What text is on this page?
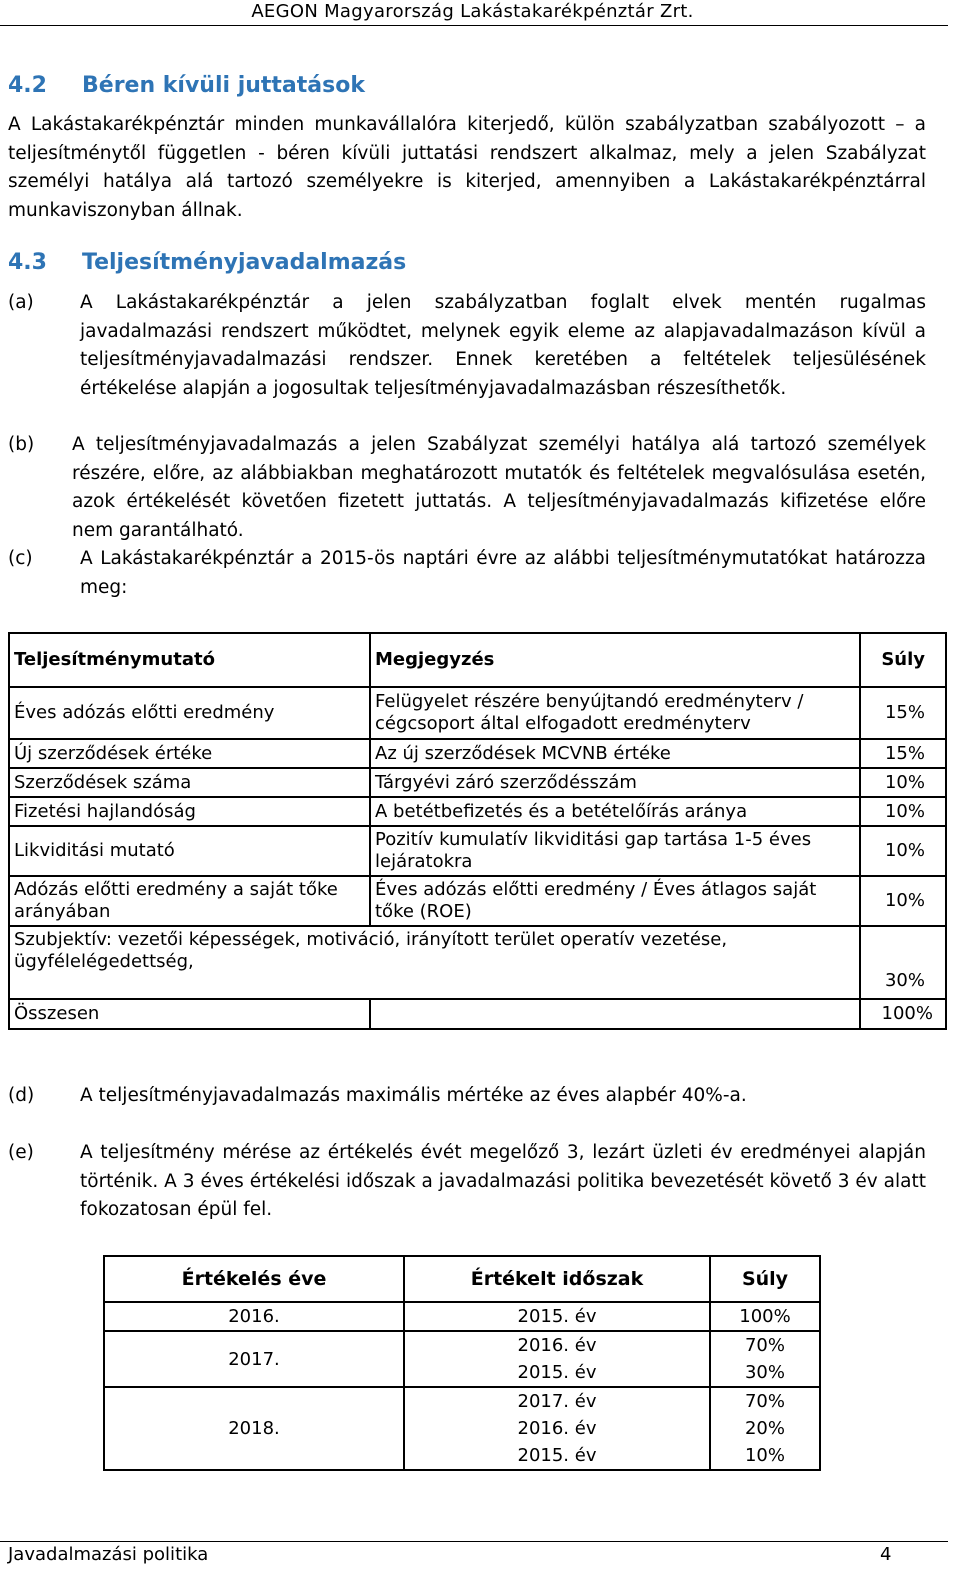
AEGON Magyarország Lakástakarékpénztár Zrt.
4.2 Béren kívüli juttatások
A Lakástakarékpénztár minden munkavállalóra kiterjedő, külön szabályzatban szabályozott – a teljesítménytől független - béren kívüli juttatási rendszert alkalmaz, mely a jelen Szabályzat személyi hatálya alá tartozó személyekre is kiterjed, amennyiben a Lakástakarékpénztárral munkaviszonyban állnak.
4.3 Teljesítményjavadalmazás
(a) A Lakástakarékpénztár a jelen szabályzatban foglalt elvek mentén rugalmas javadalmazási rendszert működtet, melynek egyik eleme az alapjavadalmazáson kívül a teljesítményjavadalmazási rendszer. Ennek keretében a feltételek teljesülésének értékelése alapján a jogosultak teljesítményjavadalmazásban részesíthetők.
(b) A teljesítményjavadalmazás a jelen Szabályzat személyi hatálya alá tartozó személyek részére, előre, az alábbiakban meghatározott mutatók és feltételek megvalósulása esetén, azok értékelését követően fizetett juttatás. A teljesítményjavadalmazás kifizetése előre nem garantálható.
(c)	A Lakástakarékpénztár a 2015-ös naptári évre az alábbi teljesítménymutatókat határozza meg:
Teljesítménymutató	Megjegyzés	Súly
Éves adózás előtti eredmény	Felügyelet részére benyújtandó eredményterv / cégcsoport által elfogadott eredményterv	15%
Új szerződések értéke	Az új szerződések MCVNB értéke	15%
Szerződések száma	Tárgyévi záró szerződésszám	10%
Fizetési hajlandóság	A betétbefizetés és a betételőírás aránya	10%
Likviditási mutató	Pozitív kumulatív likviditási gap tartása 1-5 éves lejáratokra	10%
Adózás előtti eredmény a saját tőke arányában	Éves adózás előtti eredmény / Éves átlagos saját tőke (ROE)	10%
Szubjektív: vezetői képességek, motiváció, irányított terület operatív vezetése, ügyfélelégedettség,		30%
Összesen		100%
(d) A teljesítményjavadalmazás maximális mértéke az éves alapbér 40%-a.
(e) A teljesítmény mérése az értékelés évét megelőző 3, lezárt üzleti év eredményei alapján történik. A 3 éves értékelési időszak a javadalmazási politika bevezetését követő 3 év alatt fokozatosan épül fel.
Értékelés éve	Értékelt időszak	Súly
2016.	2015. év	100%
2017.	2016. év	70%
	2015. év	30%
2018.	2017. év	70%
	2016. év	20%
	2015. év	10%
Javadalmazási politika	4
